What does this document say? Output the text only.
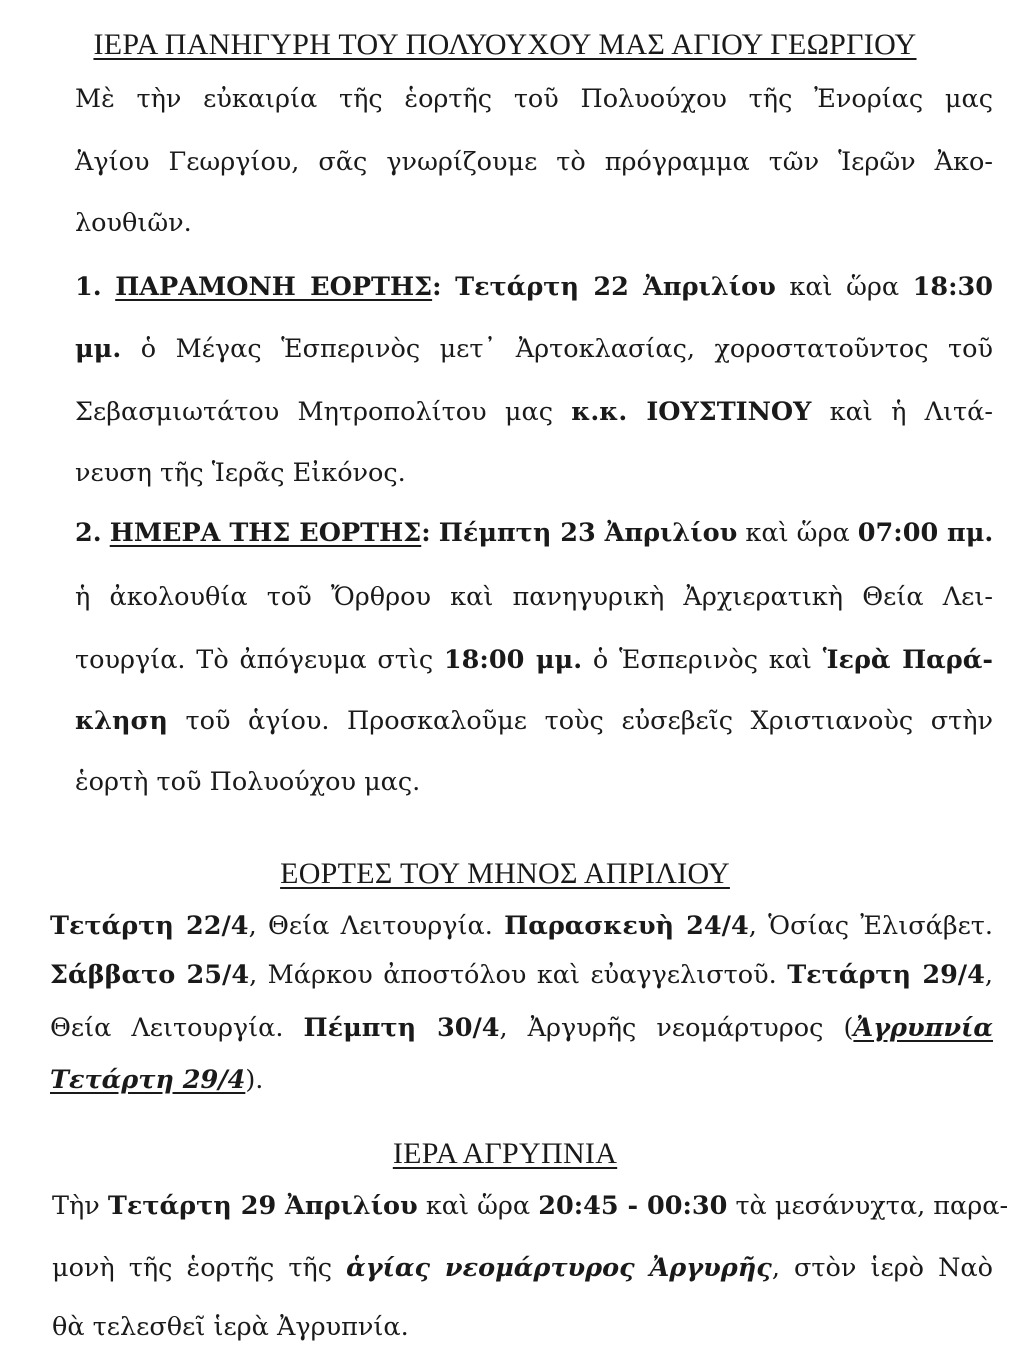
ΙΕΡΑ ΠΑΝΗΓΥΡΗ ΤΟΥ ΠΟΛΥΟΥΧΟΥ ΜΑΣ ΑΓΙΟΥ ΓΕΩΡΓΙΟΥ
Μὲ τὴν εὐκαιρία τῆς ἑορτῆς τοῦ Πολυούχου τῆς Ἐνορίας μας
Ἁγίου Γεωργίου, σᾶς γνωρίζουμε τὸ πρόγραμμα τῶν Ἱερῶν Ἀκο-
λουθιῶν.
1. ΠΑΡΑΜΟΝΗ ΕΟΡΤΗΣ: Τετάρτη 22 Ἀπριλίου καὶ ὥρα 18:30
μμ. ὁ Μέγας Ἑσπερινὸς μετ᾽ Ἀρτοκλασίας, χοροστατοῦντος τοῦ
Σεβασμιωτάτου Μητροπολίτου μας κ.κ. ΙΟΥΣΤΙΝΟΥ καὶ ἡ Λιτά-
νευση τῆς Ἱερᾶς Εἰκόνος.
2. ΗΜΕΡΑ ΤΗΣ ΕΟΡΤΗΣ: Πέμπτη 23 Ἀπριλίου καὶ ὥρα 07:00 πμ.
ἡ ἀκολουθία τοῦ Ὄρθρου καὶ πανηγυρικὴ Ἀρχιερατικὴ Θεία Λει-
τουργία. Τὸ ἀπόγευμα στὶς 18:00 μμ. ὁ Ἑσπερινὸς καὶ Ἱερὰ Παρά-
κληση τοῦ ἁγίου. Προσκαλοῦμε τοὺς εὐσεβεῖς Χριστιανοὺς στὴν
ἑορτὴ τοῦ Πολυούχου μας.
ΕΟΡΤΕΣ ΤΟΥ ΜΗΝΟΣ ΑΠΡΙΛΙΟΥ
Τετάρτη 22/4, Θεία Λειτουργία. Παρασκευὴ 24/4, Ὁσίας Ἐλισάβετ.
Σάββατο 25/4, Μάρκου ἀποστόλου καὶ εὐαγγελιστοῦ. Τετάρτη 29/4,
Θεία Λειτουργία. Πέμπτη 30/4, Ἀργυρῆς νεομάρτυρος (Ἀγρυπνία
Τετάρτη 29/4).
ΙΕΡΑ ΑΓΡΥΠΝΙΑ
Τὴν Τετάρτη 29 Ἀπριλίου καὶ ὥρα 20:45 - 00:30 τὰ μεσάνυχτα, παρα-
μονὴ τῆς ἑορτῆς τῆς ἁγίας νεομάρτυρος Ἀργυρῆς, στὸν ἱερὸ Ναὸ
θὰ τελεσθεῖ ἱερὰ Ἀγρυπνία.
